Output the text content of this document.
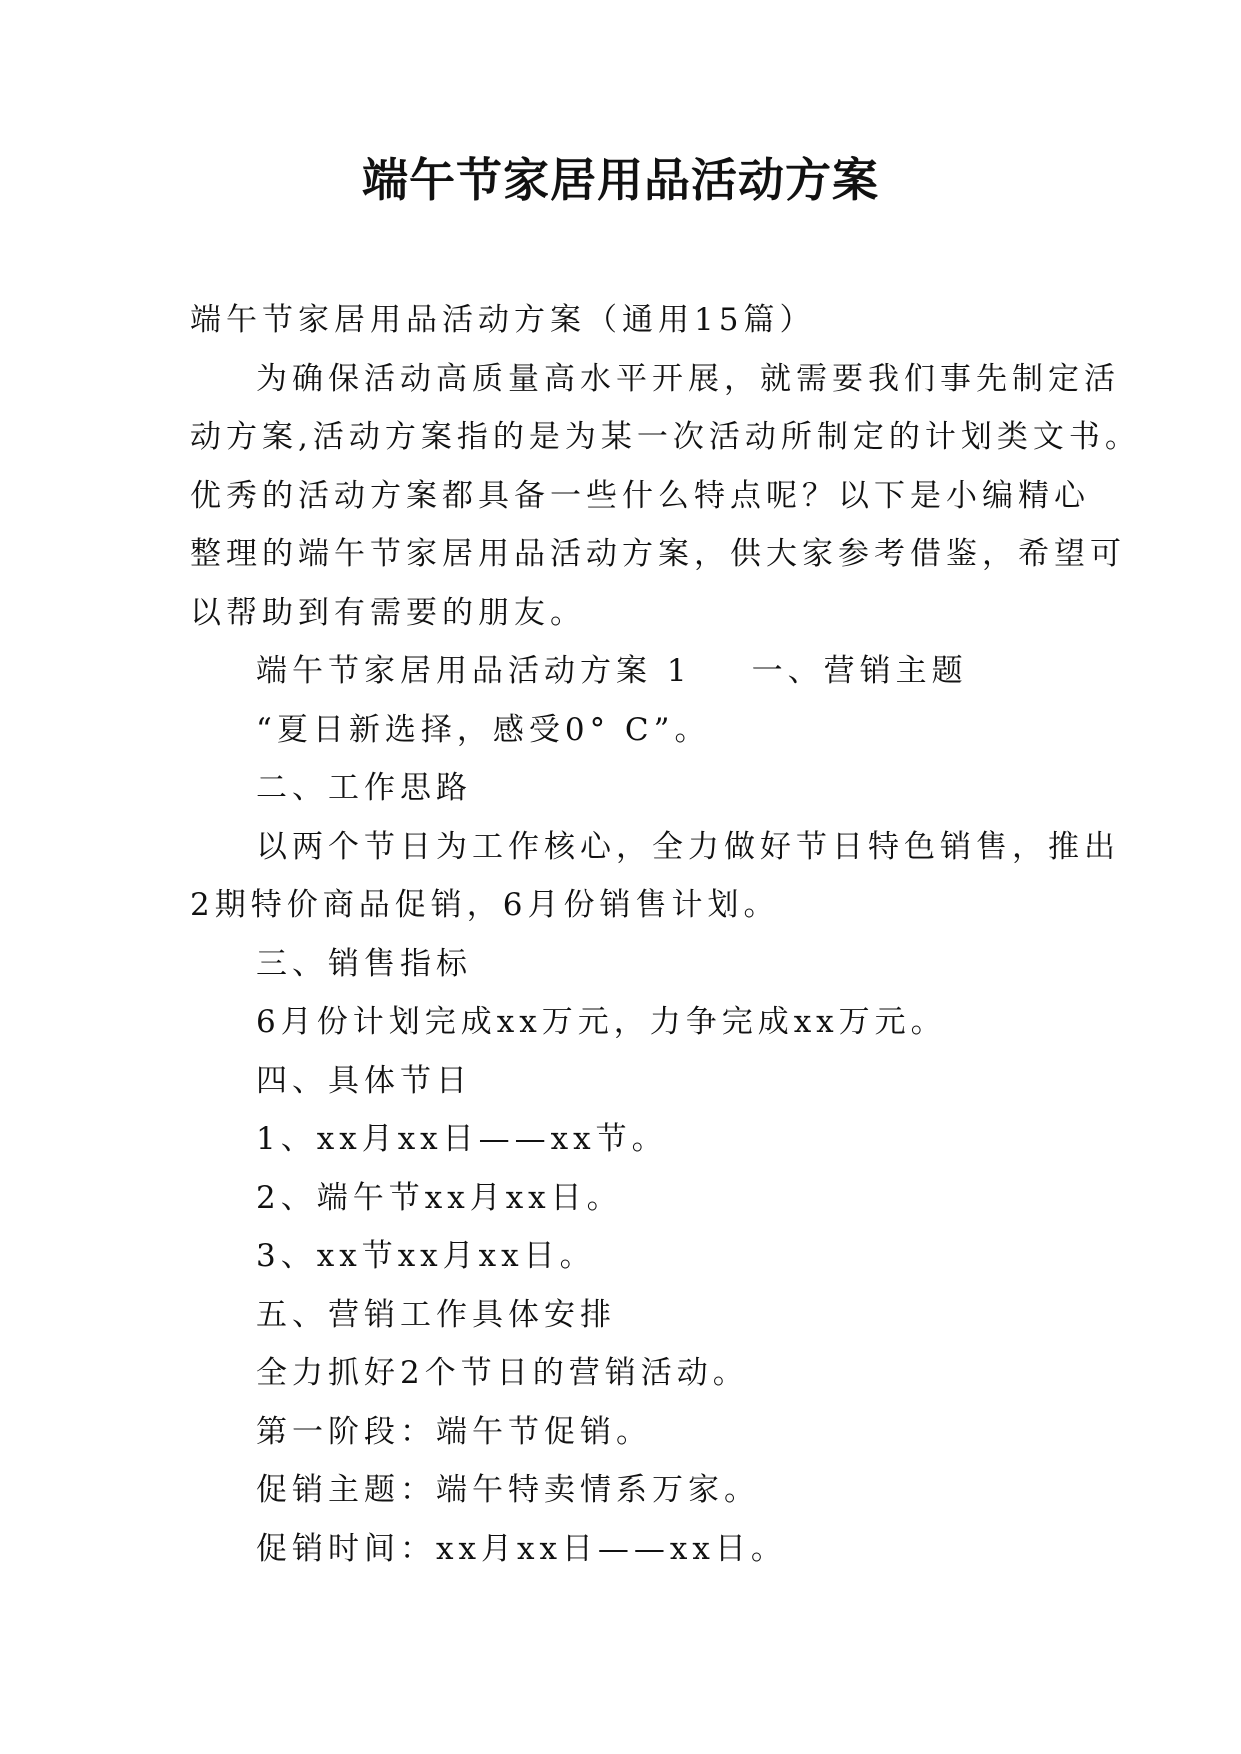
端午节家居用品活动方案
端午节家居用品活动方案（通用15篇）
为确保活动高质量高水平开展，就需要我们事先制定活
动方案,活动方案指的是为某一次活动所制定的计划类文书。
优秀的活动方案都具备一些什么特点呢？以下是小编精心
整理的端午节家居用品活动方案，供大家参考借鉴，希望可
以帮助到有需要的朋友。
端午节家居用品活动方案 1 一、营销主题
“夏日新选择，感受0° C”。
二、工作思路
以两个节日为工作核心，全力做好节日特色销售，推出
2期特价商品促销，6月份销售计划。
三、销售指标
6月份计划完成xx万元，力争完成xx万元。
四、具体节日
1、xx月xx日——xx节。
2、端午节xx月xx日。
3、xx节xx月xx日。
五、营销工作具体安排
全力抓好2个节日的营销活动。
第一阶段：端午节促销。
促销主题：端午特卖情系万家。
促销时间：xx月xx日——xx日。
